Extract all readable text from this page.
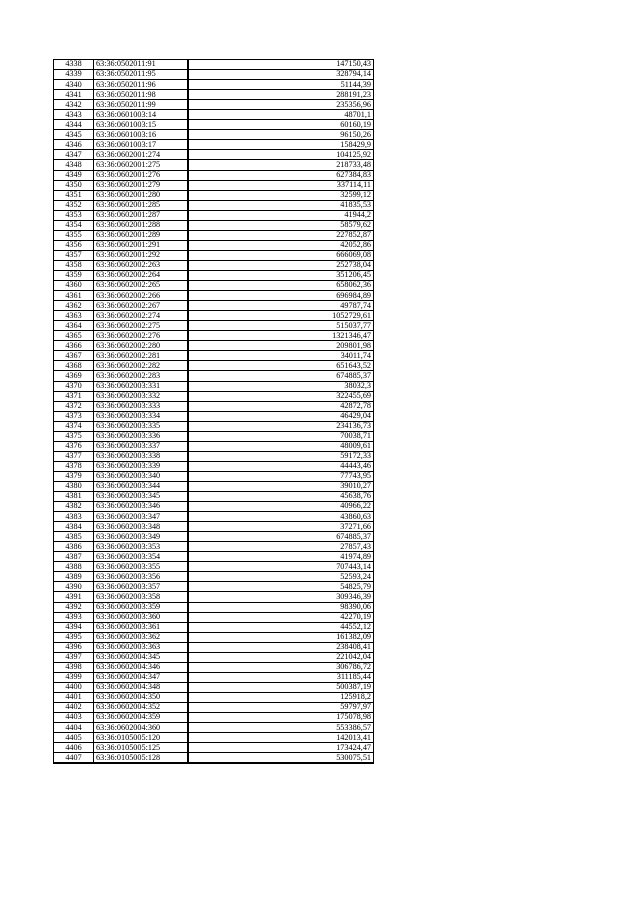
4338	63:36:0502011:91	147150,43
4339	63:36:0502011:95	328794,14
4340	63:36:0502011:96	51144,39
4341	63:36:0502011:98	288191,23
4342	63:36:0502011:99	235356,96
4343	63:36:0601003:14	48701,1
4344	63:36:0601003:15	60160,19
4345	63:36:0601003:16	96150,26
4346	63:36:0601003:17	158429,9
4347	63:36:0602001:274	104125,92
4348	63:36:0602001:275	218733,48
4349	63:36:0602001:276	627384,83
4350	63:36:0602001:279	337114,11
4351	63:36:0602001:280	32599,12
4352	63:36:0602001:285	41835,53
4353	63:36:0602001:287	41944,2
4354	63:36:0602001:288	58579,62
4355	63:36:0602001:289	227852,87
4356	63:36:0602001:291	42052,86
4357	63:36:0602001:292	666069,08
4358	63:36:0602002:263	252738,04
4359	63:36:0602002:264	351206,45
4360	63:36:0602002:265	658062,36
4361	63:36:0602002:266	696984,89
4362	63:36:0602002:267	49787,74
4363	63:36:0602002:274	1052729,61
4364	63:36:0602002:275	515037,77
4365	63:36:0602002:276	1321346,47
4366	63:36:0602002:280	209801,98
4367	63:36:0602002:281	34011,74
4368	63:36:0602002:282	651643,52
4369	63:36:0602002:283	674885,37
4370	63:36:0602003:331	38032,3
4371	63:36:0602003:332	322455,69
4372	63:36:0602003:333	42872,78
4373	63:36:0602003:334	46429,04
4374	63:36:0602003:335	234136,73
4375	63:36:0602003:336	70038,71
4376	63:36:0602003:337	48009,61
4377	63:36:0602003:338	59172,33
4378	63:36:0602003:339	44443,46
4379	63:36:0602003:340	77743,95
4380	63:36:0602003:344	39010,27
4381	63:36:0602003:345	45638,76
4382	63:36:0602003:346	40966,22
4383	63:36:0602003:347	43860,63
4384	63:36:0602003:348	37271,66
4385	63:36:0602003:349	674885,37
4386	63:36:0602003:353	27857,43
4387	63:36:0602003:354	41974,89
4388	63:36:0602003:355	707443,14
4389	63:36:0602003:356	52593,24
4390	63:36:0602003:357	54825,79
4391	63:36:0602003:358	309346,39
4392	63:36:0602003:359	98390,06
4393	63:36:0602003:360	42270,19
4394	63:36:0602003:361	44552,12
4395	63:36:0602003:362	161382,09
4396	63:36:0602003:363	238408,41
4397	63:36:0602004:345	221042,04
4398	63:36:0602004:346	306786,72
4399	63:36:0602004:347	311185,44
4400	63:36:0602004:348	500387,19
4401	63:36:0602004:350	125918,2
4402	63:36:0602004:352	59797,97
4403	63:36:0602004:359	175078,98
4404	63:36:0602004:360	553386,57
4405	63:36:0105005:120	142013,41
4406	63:36:0105005:125	173424,47
4407	63:36:0105005:128	530075,51
